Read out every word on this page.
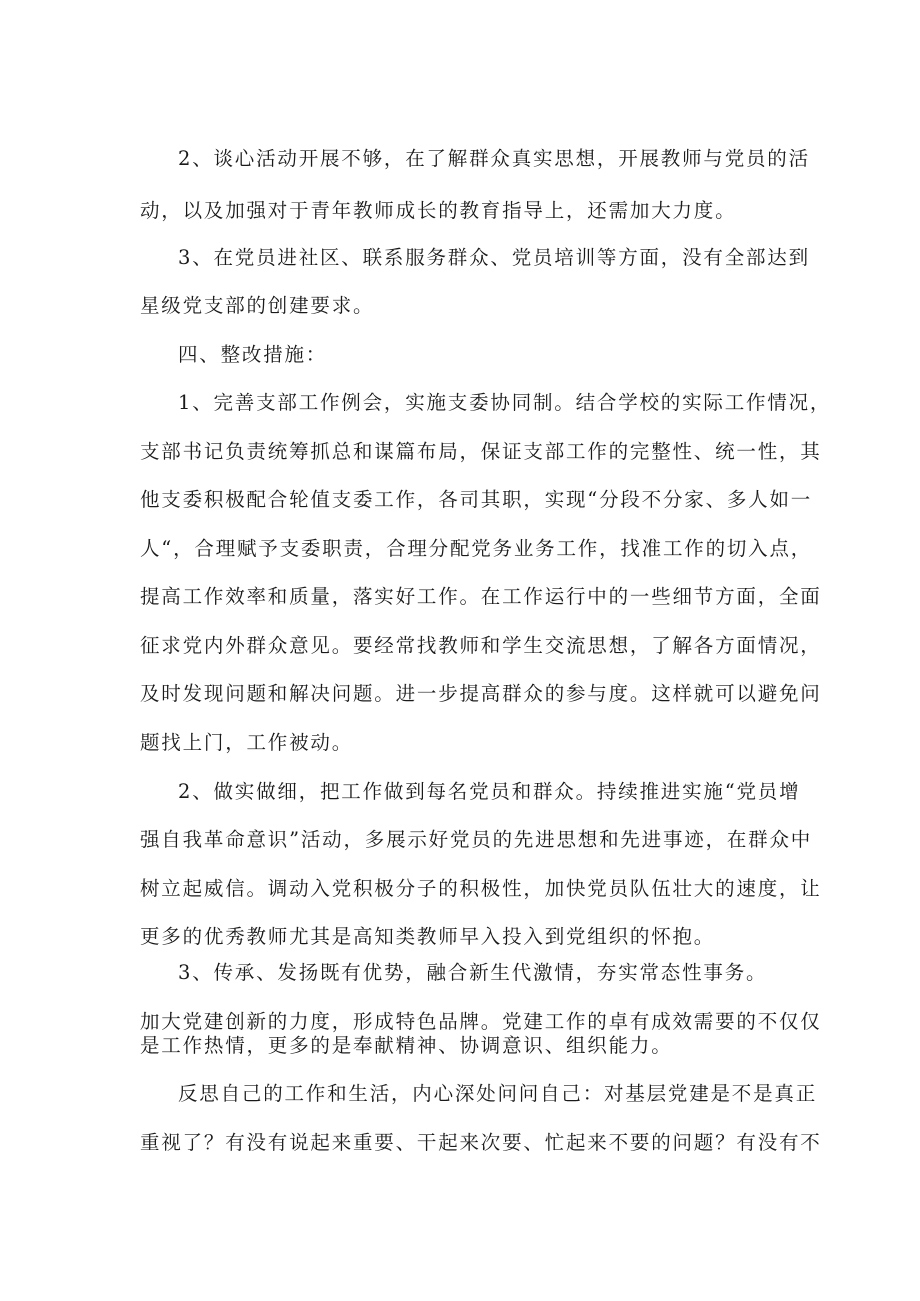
2、谈心活动开展不够，在了解群众真实思想，开展教师与党员的活
动，以及加强对于青年教师成长的教育指导上，还需加大力度。
3、在党员进社区、联系服务群众、党员培训等方面，没有全部达到
星级党支部的创建要求。
四、整改措施：
1、完善支部工作例会，实施支委协同制。结合学校的实际工作情况，
支部书记负责统筹抓总和谋篇布局，保证支部工作的完整性、统一性，其
他支委积极配合轮值支委工作，各司其职，实现“分段不分家、多人如一
人“，合理赋予支委职责，合理分配党务业务工作，找准工作的切入点，
提高工作效率和质量，落实好工作。在工作运行中的一些细节方面，全面
征求党内外群众意见。要经常找教师和学生交流思想，了解各方面情况，
及时发现问题和解决问题。进一步提高群众的参与度。这样就可以避免问
题找上门，工作被动。
2、做实做细，把工作做到每名党员和群众。持续推进实施“党员增
强自我革命意识”活动，多展示好党员的先进思想和先进事迹，在群众中
树立起威信。调动入党积极分子的积极性，加快党员队伍壮大的速度，让
更多的优秀教师尤其是高知类教师早入投入到党组织的怀抱。
3、传承、发扬既有优势，融合新生代激情，夯实常态性事务。
加大党建创新的力度，形成特色品牌。党建工作的卓有成效需要的不仅仅
是工作热情，更多的是奉献精神、协调意识、组织能力。
反思自己的工作和生活，内心深处问问自己：对基层党建是不是真正
重视了？有没有说起来重要、干起来次要、忙起来不要的问题？有没有不
